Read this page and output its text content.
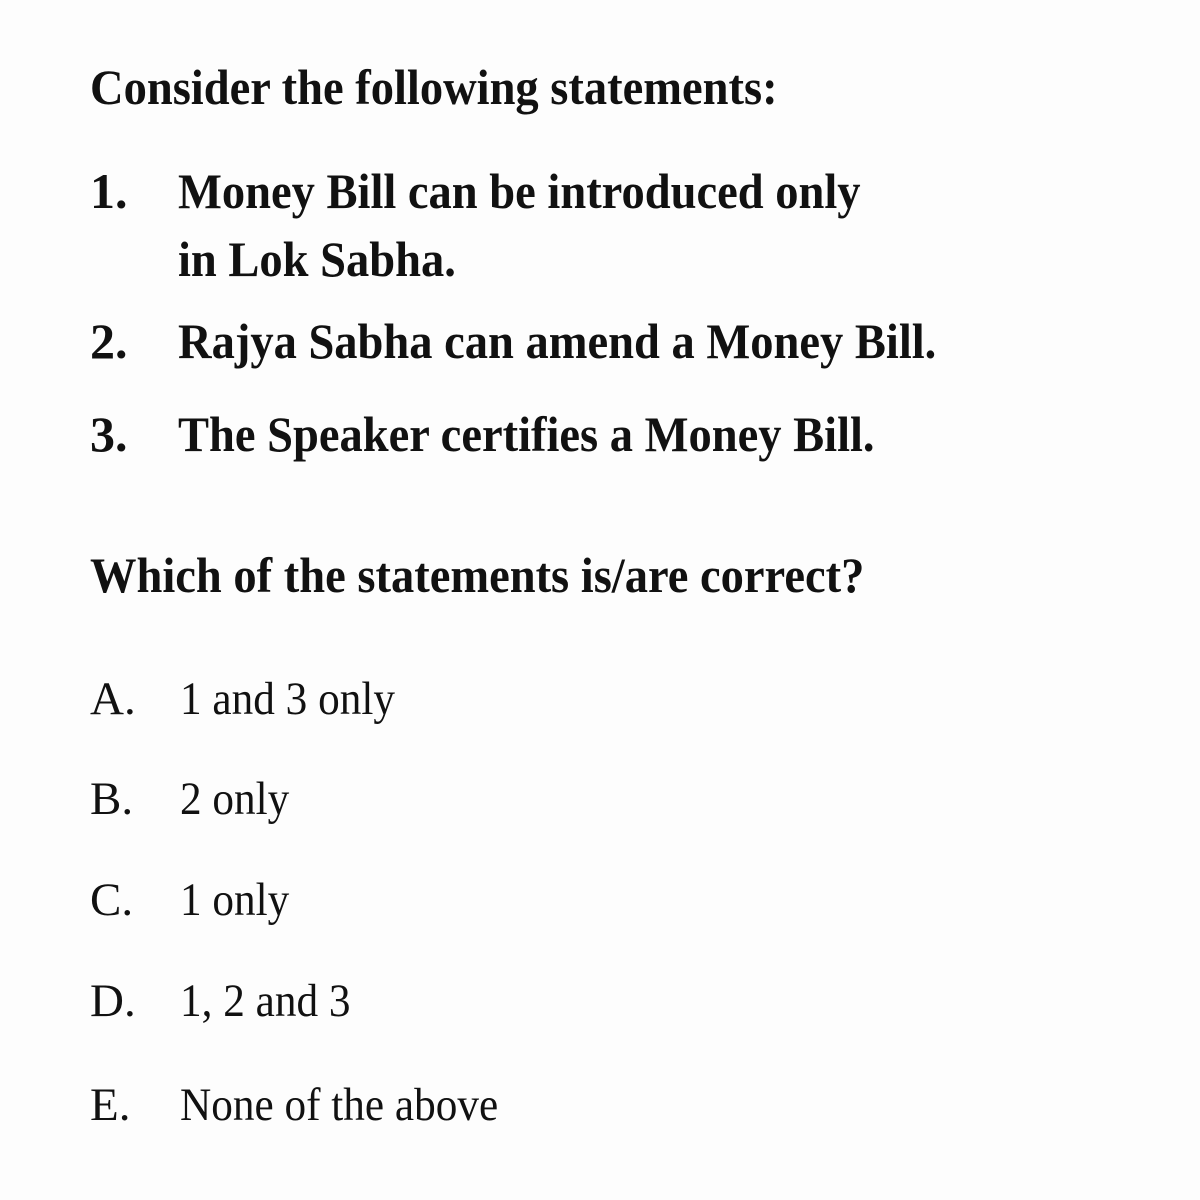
Consider the following statements:
1. Money Bill can be introduced only
in Lok Sabha.
2. Rajya Sabha can amend a Money Bill.
3. The Speaker certifies a Money Bill.
Which of the statements is/are correct?
A. 1 and 3 only
B. 2 only
C. 1 only
D. 1, 2 and 3
E. None of the above
